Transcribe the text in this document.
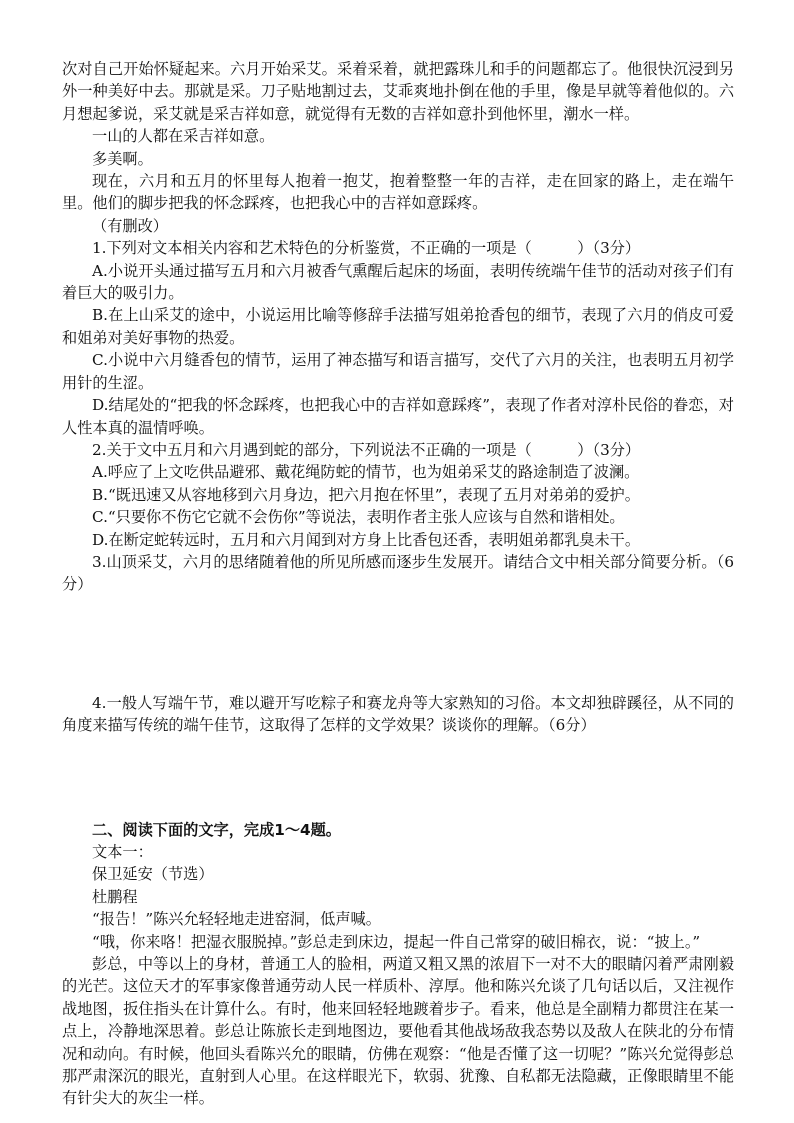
次对自己开始怀疑起来。六月开始采艾。采着采着，就把露珠儿和手的问题都忘了。他很快沉浸到另外一种美好中去。那就是采。刀子贴地割过去，艾乖爽地扑倒在他的手里，像是早就等着他似的。六月想起爹说，采艾就是采吉祥如意，就觉得有无数的吉祥如意扑到他怀里，潮水一样。

一山的人都在采吉祥如意。

多美啊。

现在，六月和五月的怀里每人抱着一抱艾，抱着整整一年的吉祥，走在回家的路上，走在端午里。他们的脚步把我的怀念踩疼，也把我心中的吉祥如意踩疼。

（有删改）

1.下列对文本相关内容和艺术特色的分析鉴赏，不正确的一项是（　　　）（3分）

A.小说开头通过描写五月和六月被香气熏醒后起床的场面，表明传统端午佳节的活动对孩子们有着巨大的吸引力。

B.在上山采艾的途中，小说运用比喻等修辞手法描写姐弟抢香包的细节，表现了六月的俏皮可爱和姐弟对美好事物的热爱。

C.小说中六月缝香包的情节，运用了神态描写和语言描写，交代了六月的关注，也表明五月初学用针的生涩。

D.结尾处的“把我的怀念踩疼，也把我心中的吉祥如意踩疼”，表现了作者对淳朴民俗的眷恋，对人性本真的温情呼唤。

2.关于文中五月和六月遇到蛇的部分，下列说法不正确的一项是（　　　）（3分）

A.呼应了上文吃供品避邪、戴花绳防蛇的情节，也为姐弟采艾的路途制造了波澜。

B.“既迅速又从容地移到六月身边，把六月抱在怀里”，表现了五月对弟弟的爱护。

C.“只要你不伤它它就不会伤你”等说法，表明作者主张人应该与自然和谐相处。

D.在断定蛇转远时，五月和六月闻到对方身上比香包还香，表明姐弟都乳臭未干。

3.山顶采艾，六月的思绪随着他的所见所感而逐步生发展开。请结合文中相关部分简要分析。（6分）

4.一般人写端午节，难以避开写吃粽子和赛龙舟等大家熟知的习俗。本文却独辟蹊径，从不同的角度来描写传统的端午佳节，这取得了怎样的文学效果？谈谈你的理解。（6分）

二、阅读下面的文字，完成1～4题。

文本一：

保卫延安（节选）

杜鹏程

“报告！”陈兴允轻轻地走进窑洞，低声喊。

“哦，你来咯！把湿衣服脱掉。”彭总走到床边，提起一件自己常穿的破旧棉衣，说：“披上。”

彭总，中等以上的身材，普通工人的脸相，两道又粗又黑的浓眉下一对不大的眼睛闪着严肃刚毅的光芒。这位天才的军事家像普通劳动人民一样质朴、淳厚。他和陈兴允谈了几句话以后，又注视作战地图，扳住指头在计算什么。有时，他来回轻轻地踱着步子。看来，他总是全副精力都贯注在某一点上，冷静地深思着。彭总让陈旅长走到地图边，要他看其他战场敌我态势以及敌人在陕北的分布情况和动向。有时候，他回头看陈兴允的眼睛，仿佛在观察：“他是否懂了这一切呢？”陈兴允觉得彭总那严肃深沉的眼光，直射到人心里。在这样眼光下，软弱、犹豫、自私都无法隐藏，正像眼睛里不能有针尖大的灰尘一样。
